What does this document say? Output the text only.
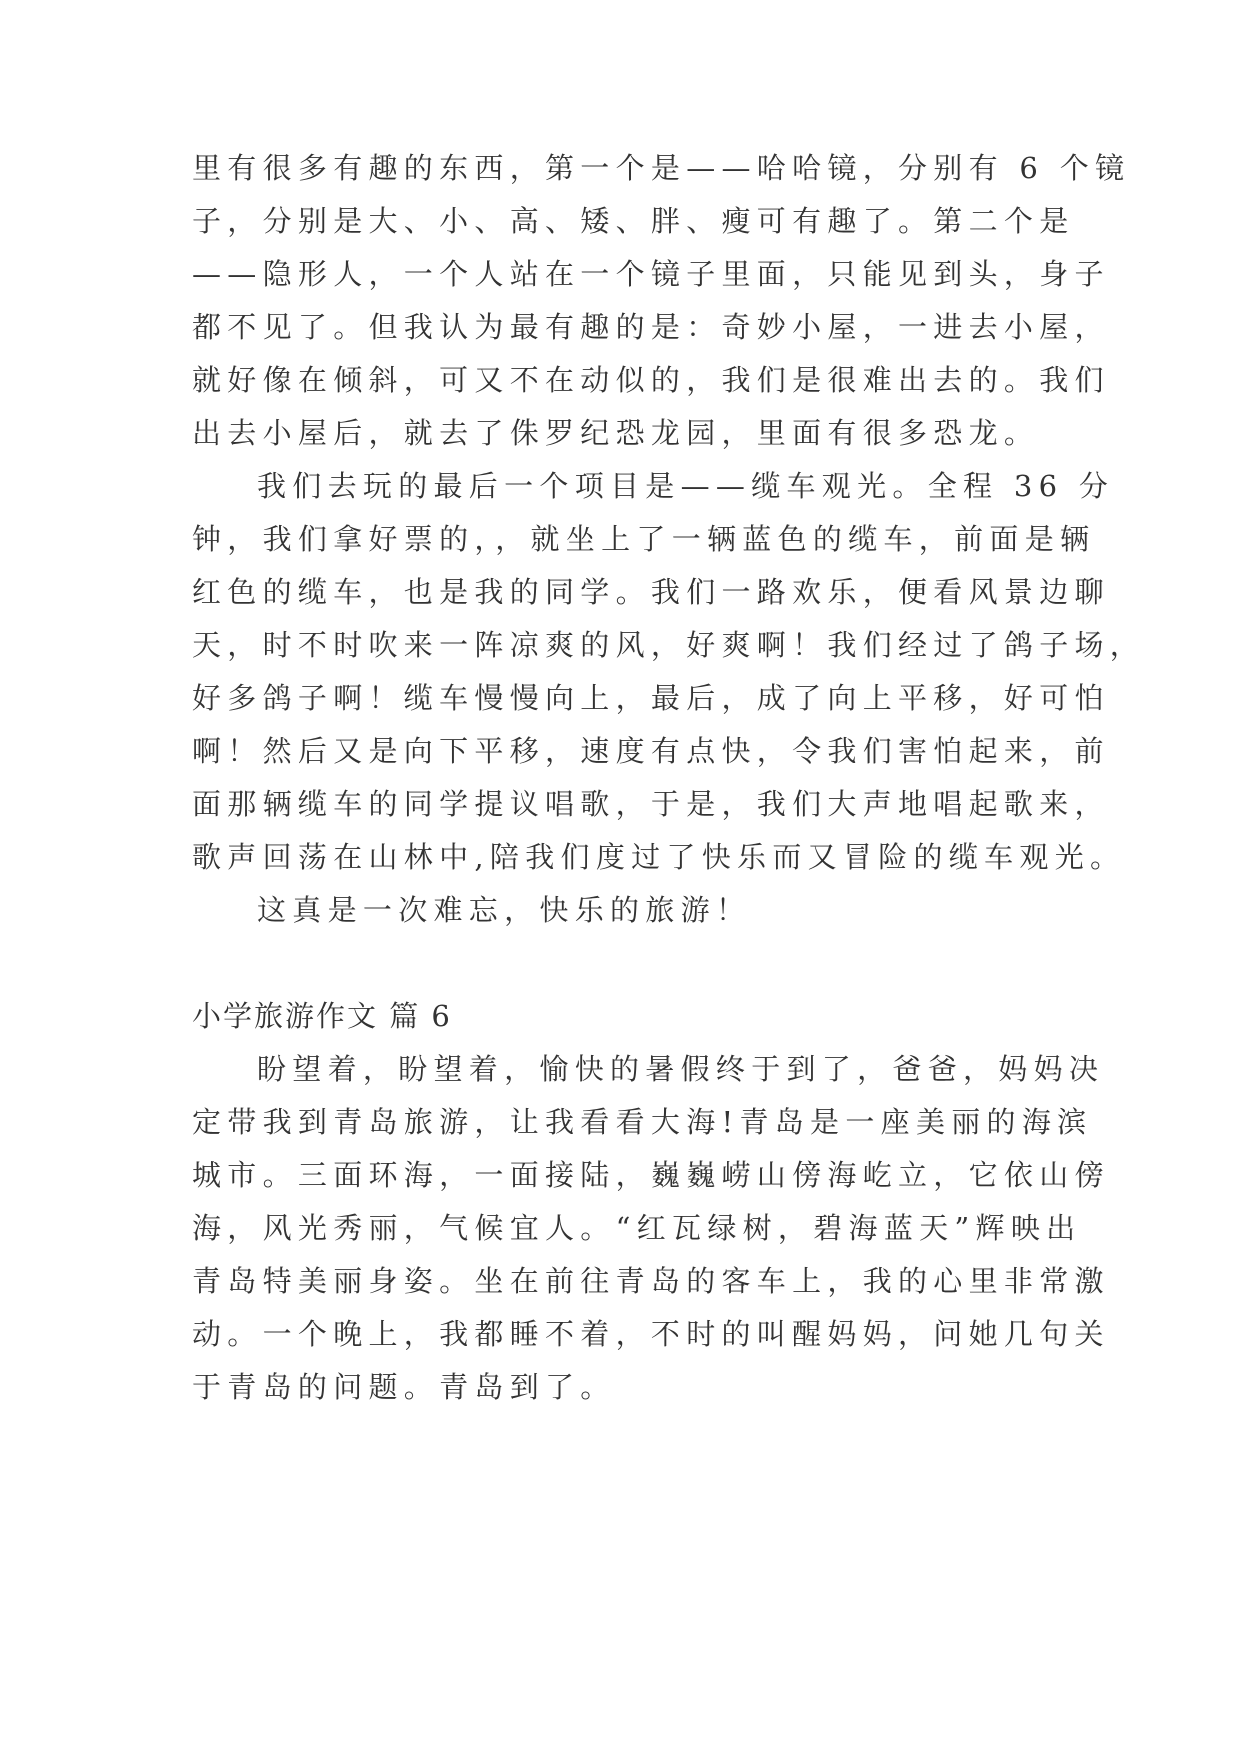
里有很多有趣的东西，第一个是——哈哈镜，分别有 6 个镜
子，分别是大、小、高、矮、胖、瘦可有趣了。第二个是
——隐形人，一个人站在一个镜子里面，只能见到头，身子
都不见了。但我认为最有趣的是：奇妙小屋，一进去小屋，
就好像在倾斜，可又不在动似的，我们是很难出去的。我们
出去小屋后，就去了侏罗纪恐龙园，里面有很多恐龙。
我们去玩的最后一个项目是——缆车观光。全程 36 分
钟，我们拿好票的，，就坐上了一辆蓝色的缆车，前面是辆
红色的缆车，也是我的同学。我们一路欢乐，便看风景边聊
天，时不时吹来一阵凉爽的风，好爽啊！我们经过了鸽子场，
好多鸽子啊！缆车慢慢向上，最后，成了向上平移，好可怕
啊！然后又是向下平移，速度有点快，令我们害怕起来，前
面那辆缆车的同学提议唱歌，于是，我们大声地唱起歌来，
歌声回荡在山林中,陪我们度过了快乐而又冒险的缆车观光。
这真是一次难忘，快乐的旅游！
小学旅游作文 篇 6
盼望着，盼望着，愉快的暑假终于到了，爸爸，妈妈决
定带我到青岛旅游，让我看看大海!青岛是一座美丽的海滨
城市。三面环海，一面接陆，巍巍崂山傍海屹立，它依山傍
海，风光秀丽，气候宜人。“红瓦绿树，碧海蓝天”辉映出
青岛特美丽身姿。坐在前往青岛的客车上，我的心里非常激
动。一个晚上，我都睡不着，不时的叫醒妈妈，问她几句关
于青岛的问题。青岛到了。
